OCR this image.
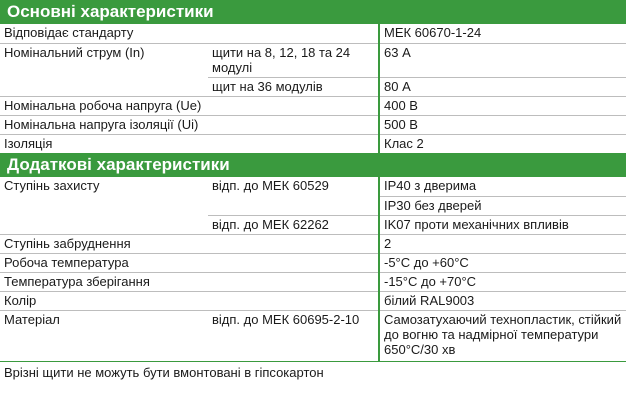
Основні характеристики
Відповідає стандарту		МЕК 60670-1-24
Номінальний струм (In)	щити на 8, 12, 18 та 24 модулі	63 А
	щит на 36 модулів	80 А
Номінальна робоча напруга (Ue)		400 В
Номінальна напруга ізоляції (Ui)		500 В
Ізоляція		Клас 2
Додаткові характеристики
Ступінь захисту	відп. до МЕК 60529	IP40 з дверима
		IP30 без дверей
	відп. до МЕК 62262	IK07 проти механічних впливів
Ступінь забруднення		2
Робоча температура		-5°С до +60°С
Температура зберігання		-15°С до +70°С
Колір		білий RAL9003
Матеріал	відп. до МЕК 60695-2-10	Самозатухаючий технопластик, стійкий до вогню та надмірної температури 650°С/30 хв
Врізні щити не можуть бути вмонтовані в гіпсокартон
